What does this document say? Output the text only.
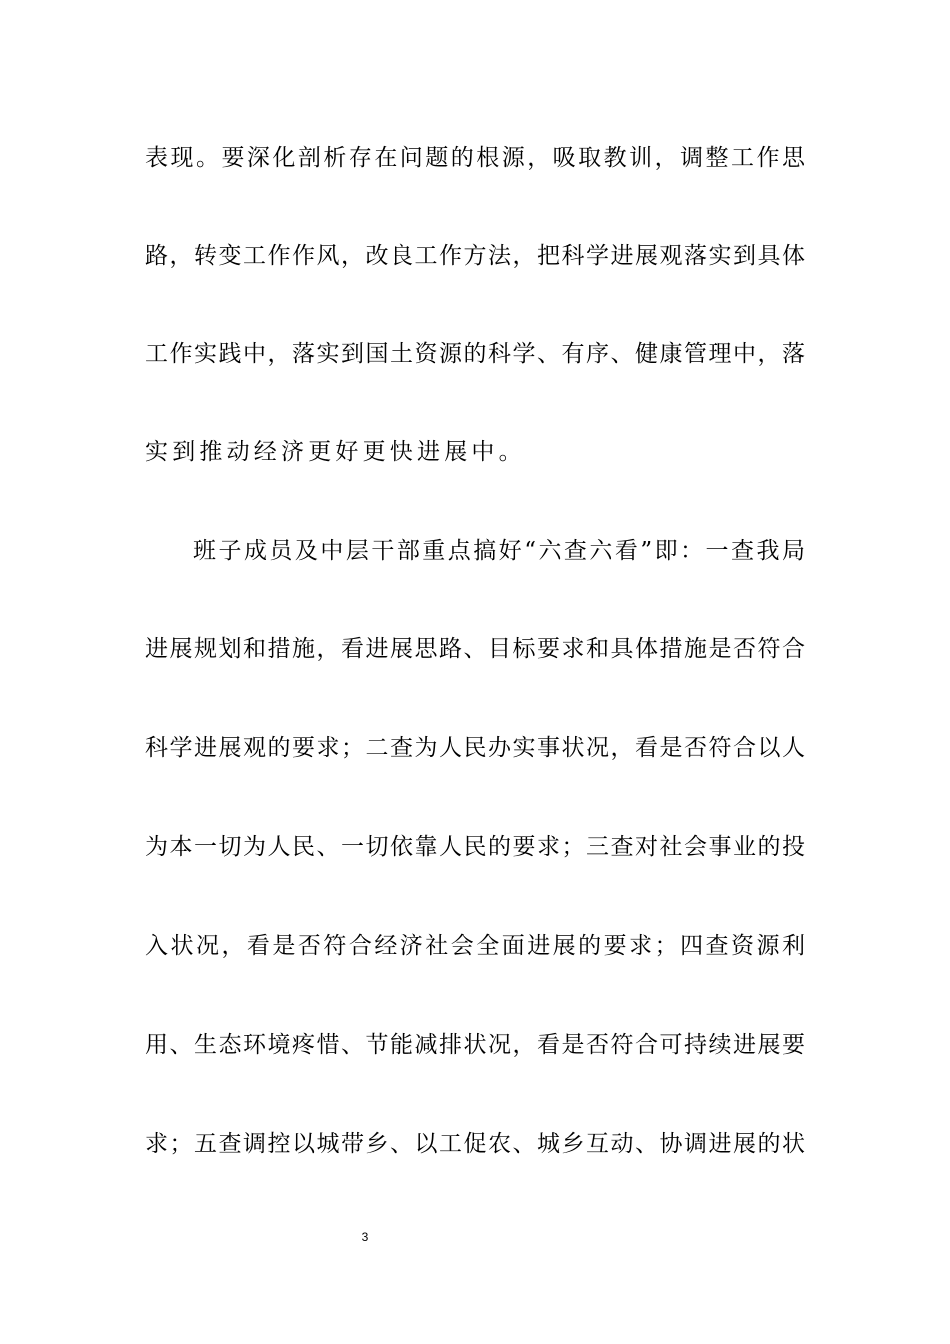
表现。要深化剖析存在问题的根源，吸取教训，调整工作思
路，转变工作作风，改良工作方法，把科学进展观落实到具体
工作实践中，落实到国土资源的科学、有序、健康管理中，落
实到推动经济更好更快进展中。
班子成员及中层干部重点搞好“六查六看”即：一查我局
进展规划和措施，看进展思路、目标要求和具体措施是否符合
科学进展观的要求；二查为人民办实事状况，看是否符合以人
为本一切为人民、一切依靠人民的要求；三查对社会事业的投
入状况，看是否符合经济社会全面进展的要求；四查资源利
用、生态环境疼惜、节能减排状况，看是否符合可持续进展要
求；五查调控以城带乡、以工促农、城乡互动、协调进展的状
3
